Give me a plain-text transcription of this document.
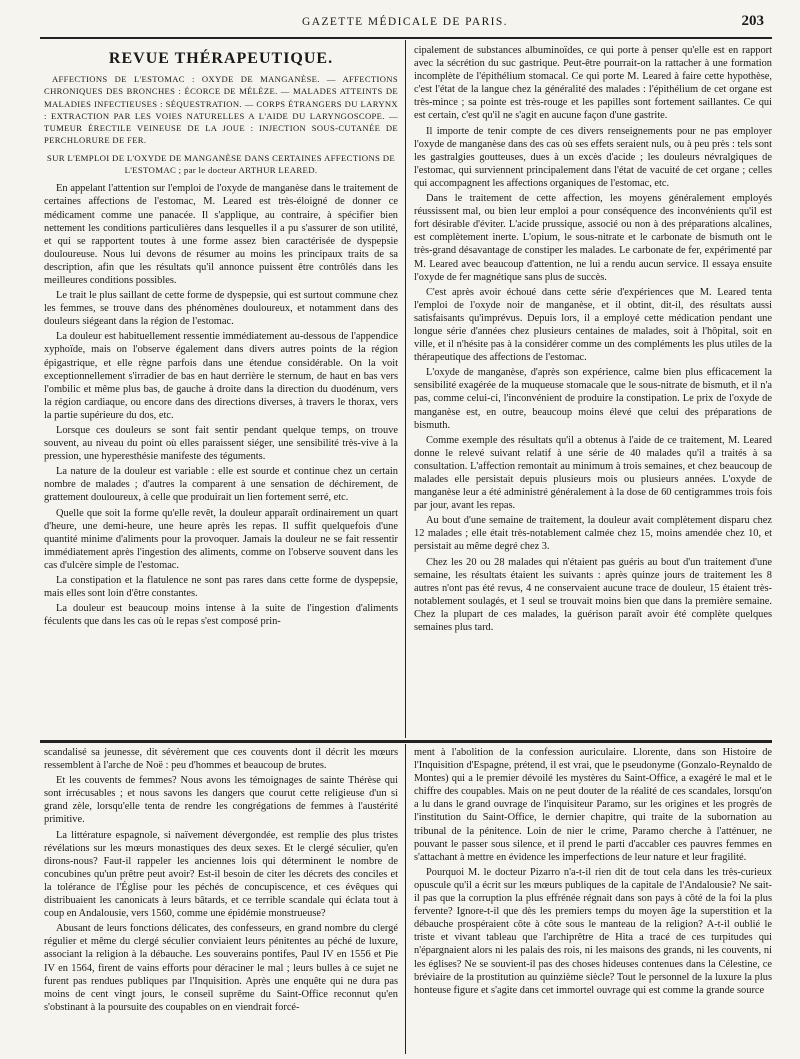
GAZETTE MÉDICALE DE PARIS.	203
REVUE THÉRAPEUTIQUE.

AFFECTIONS DE L'ESTOMAC : OXYDE DE MANGANÈSE. — AFFECTIONS CHRONIQUES DES BRONCHES : ÉCORCE DE MÉLÈZE. — MALADES ATTEINTS DE MALADIES INFECTIEUSES : SÉQUESTRATION. — CORPS ÉTRANGERS DU LARYNX : EXTRACTION PAR LES VOIES NATURELLES A L'AIDE DU LARYNGOSCOPE. — TUMEUR ÉRECTILE VEINEUSE DE LA JOUE : INJECTION SOUS-CUTANÉE DE PERCHLORURE DE FER.

SUR L'EMPLOI DE L'OXYDE DE MANGANÈSE DANS CERTAINES AFFECTIONS DE L'ESTOMAC ; par le docteur ARTHUR LEARED.

En appelant l'attention sur l'emploi de l'oxyde de manganèse dans le traitement de certaines affections de l'estomac, M. Leared est très-éloigné de donner ce médicament comme une panacée. Il s'applique, au contraire, à spécifier bien nettement les conditions particulières dans lesquelles il a pu s'assurer de son utilité, et qui se rapportent toutes à une forme assez bien caractérisée de dyspepsie douloureuse. Nous lui devons de résumer au moins les principaux traits de sa description, afin que les résultats qu'il annonce puissent être contrôlés dans les meilleures conditions possibles.

Le trait le plus saillant de cette forme de dyspepsie, qui est surtout commune chez les femmes, se trouve dans des phénomènes douloureux, et notamment dans des douleurs siégeant dans la région de l'estomac.

La douleur est habituellement ressentie immédiatement au-dessous de l'appendice xyphoïde, mais on l'observe également dans divers autres points de la région épigastrique, et elle règne parfois dans une étendue considérable. On la voit exceptionnellement s'irradier de bas en haut derrière le sternum, de haut en bas vers l'ombilic et même plus bas, de gauche à droite dans la direction du duodénum, vers la région cardiaque, ou encore dans des directions diverses, à travers le thorax, vers la partie supérieure du dos, etc.

Lorsque ces douleurs se sont fait sentir pendant quelque temps, on trouve souvent, au niveau du point où elles paraissent siéger, une sensibilité très-vive à la pression, une hyperesthésie manifeste des téguments.

La nature de la douleur est variable : elle est sourde et continue chez un certain nombre de malades ; d'autres la comparent à une sensation de déchirement, de grattement douloureux, à celle que produirait un lien fortement serré, etc.

Quelle que soit la forme qu'elle revêt, la douleur apparaît ordinairement un quart d'heure, une demi-heure, une heure après les repas. Il suffit quelquefois d'une quantité minime d'aliments pour la provoquer. Jamais la douleur ne se fait ressentir immédiatement après l'ingestion des aliments, comme on l'observe souvent dans les cas d'ulcère simple de l'estomac.

La constipation et la flatulence ne sont pas rares dans cette forme de dyspepsie, mais elles sont loin d'être constantes.

La douleur est beaucoup moins intense à la suite de l'ingestion d'aliments féculents que dans les cas où le repas s'est composé prin-

cipalement de substances albuminoïdes, ce qui porte à penser qu'elle est en rapport avec la sécrétion du suc gastrique. Peut-être pourrait-on la rattacher à une formation incomplète de l'épithélium stomacal. Ce qui porte M. Leared à faire cette hypothèse, c'est l'état de la langue chez la généralité des malades : l'épithélium de cet organe est très-mince ; sa pointe est très-rouge et les papilles sont fortement saillantes. Ce qui est certain, c'est qu'il ne s'agit en aucune façon d'une gastrite.

Il importe de tenir compte de ces divers renseignements pour ne pas employer l'oxyde de manganèse dans des cas où ses effets seraient nuls, ou à peu près : tels sont les gastralgies goutteuses, dues à un excès d'acide ; les douleurs névralgiques de l'estomac, qui surviennent principalement dans l'état de vacuité de cet organe ; celles qui accompagnent les affections organiques de l'estomac, etc.

Dans le traitement de cette affection, les moyens généralement employés réussissent mal, ou bien leur emploi a pour conséquence des inconvénients qu'il est fort désirable d'éviter. L'acide prussique, associé ou non à des préparations alcalines, est complètement inerte. L'opium, le sous-nitrate et le carbonate de bismuth ont le très-grand désavantage de constiper les malades. Le carbonate de fer, expérimenté par M. Leared avec beaucoup d'attention, ne lui a rendu aucun service. Il essaya ensuite l'oxyde de fer magnétique sans plus de succès.

C'est après avoir échoué dans cette série d'expériences que M. Leared tenta l'emploi de l'oxyde noir de manganèse, et il obtint, dit-il, des résultats aussi satisfaisants qu'imprévus. Depuis lors, il a employé cette médication pendant une longue série d'années chez plusieurs centaines de malades, soit à l'hôpital, soit en ville, et il n'hésite pas à la considérer comme un des compléments les plus utiles de la thérapeutique des affections de l'estomac.

L'oxyde de manganèse, d'après son expérience, calme bien plus efficacement la sensibilité exagérée de la muqueuse stomacale que le sous-nitrate de bismuth, et il n'a pas, comme celui-ci, l'inconvénient de produire la constipation. Le prix de l'oxyde de manganèse est, en outre, beaucoup moins élevé que celui des préparations de bismuth.

Comme exemple des résultats qu'il a obtenus à l'aide de ce traitement, M. Leared donne le relevé suivant relatif à une série de 40 malades qu'il a traités à sa consultation. L'affection remontait au minimum à trois semaines, et chez beaucoup de malades elle persistait depuis plusieurs mois ou plusieurs années. L'oxyde de manganèse leur a été administré généralement à la dose de 60 centigrammes trois fois par jour, avant les repas.

Au bout d'une semaine de traitement, la douleur avait complètement disparu chez 12 malades ; elle était très-notablement calmée chez 15, moins amendée chez 10, et persistait au même degré chez 3.

Chez les 20 ou 28 malades qui n'étaient pas guéris au bout d'un traitement d'une semaine, les résultats étaient les suivants : après quinze jours de traitement les 8 autres n'ont pas été revus, 4 ne conservaient aucune trace de douleur, 15 étaient très-notablement soulagés, et 1 seul se trouvait moins bien que dans la première semaine. Chez la plupart de ces malades, la guérison paraît avoir été complète quelques semaines plus tard.

scandalisé sa jeunesse, dit sévèrement que ces couvents dont il décrit les mœurs ressemblent à l'arche de Noë : peu d'hommes et beaucoup de brutes.

Et les couvents de femmes? Nous avons les témoignages de sainte Thérèse qui sont irrécusables ; et nous savons les dangers que courut cette religieuse d'un si grand zèle, lorsqu'elle tenta de rendre les congrégations de femmes à l'austérité primitive.

La littérature espagnole, si naïvement dévergondée, est remplie des plus tristes révélations sur les mœurs monastiques des deux sexes. Et le clergé séculier, qu'en dirons-nous? Faut-il rappeler les anciennes lois qui déterminent le nombre de concubines qu'un prêtre peut avoir? Est-il besoin de citer les décrets des conciles et la tolérance de l'Église pour les péchés de concupiscence, et ces évêques qui distribuaient les canonicats à leurs bâtards, et ce terrible scandale qui éclata tout à coup en Andalousie, vers 1560, comme une épidémie monstrueuse?

Abusant de leurs fonctions délicates, des confesseurs, en grand nombre du clergé régulier et même du clergé séculier conviaient leurs pénitentes au péché de luxure, associant la religion à la débauche. Les souverains pontifes, Paul IV en 1556 et Pie IV en 1564, firent de vains efforts pour déraciner le mal ; leurs bulles à ce sujet ne furent pas rendues publiques par l'Inquisition. Après une enquête qui ne dura pas moins de cent vingt jours, le conseil suprême du Saint-Office reconnut qu'en s'obstinant à la poursuite des coupables on en viendrait forcé-

ment à l'abolition de la confession auriculaire. Llorente, dans son Histoire de l'Inquisition d'Espagne, prétend, il est vrai, que le pseudonyme (Gonzalo-Reynaldo de Montes) qui a le premier dévoilé les mystères du Saint-Office, a exagéré le mal et le chiffre des coupables. Mais on ne peut douter de la réalité de ces scandales, lorsqu'on a lu dans le grand ouvrage de l'inquisiteur Paramo, sur les origines et les progrès de l'institution du Saint-Office, le dernier chapitre, qui traite de la subornation au tribunal de la pénitence. Loin de nier le crime, Paramo cherche à l'atténuer, ne pouvant le passer sous silence, et il prend le parti d'accabler ces pauvres femmes en s'attachant à mettre en évidence les imperfections de leur nature et leur fragilité.

Pourquoi M. le docteur Pizarro n'a-t-il rien dit de tout cela dans les très-curieux opuscule qu'il a écrit sur les mœurs publiques de la capitale de l'Andalousie? Ne sait-il pas que la corruption la plus effrénée régnait dans son pays à côté de la foi la plus fervente? Ignore-t-il que dès les premiers temps du moyen âge la superstition et la débauche prospéraient côte à côte sous le manteau de la religion? A-t-il oublié le triste et vivant tableau que l'archiprêtre de Hita a tracé de ces turpitudes qui n'épargnaient alors ni les palais des rois, ni les maisons des grands, ni les couvents, ni les églises? Ne se souvient-il pas des choses hideuses contenues dans la Célestine, ce bréviaire de la prostitution au quinzième siècle? Tout le personnel de la luxure la plus honteuse figure et s'agite dans cet immortel ouvrage qui est comme la grande source
